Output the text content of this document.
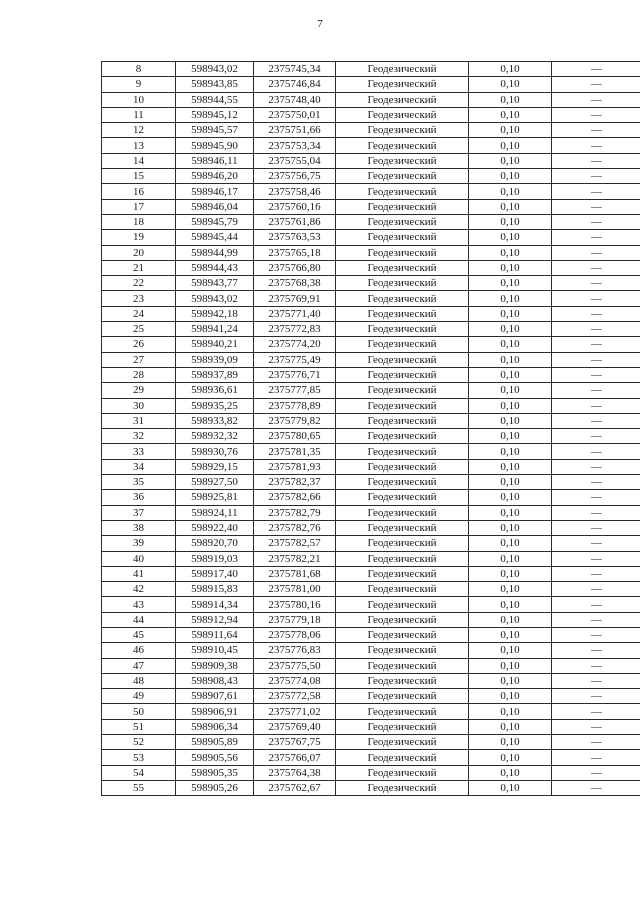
7
8	598943,02	2375745,34	Геодезический	0,10	—
9	598943,85	2375746,84	Геодезический	0,10	—
10	598944,55	2375748,40	Геодезический	0,10	—
11	598945,12	2375750,01	Геодезический	0,10	—
12	598945,57	2375751,66	Геодезический	0,10	—
13	598945,90	2375753,34	Геодезический	0,10	—
14	598946,11	2375755,04	Геодезический	0,10	—
15	598946,20	2375756,75	Геодезический	0,10	—
16	598946,17	2375758,46	Геодезический	0,10	—
17	598946,04	2375760,16	Геодезический	0,10	—
18	598945,79	2375761,86	Геодезический	0,10	—
19	598945,44	2375763,53	Геодезический	0,10	—
20	598944,99	2375765,18	Геодезический	0,10	—
21	598944,43	2375766,80	Геодезический	0,10	—
22	598943,77	2375768,38	Геодезический	0,10	—
23	598943,02	2375769,91	Геодезический	0,10	—
24	598942,18	2375771,40	Геодезический	0,10	—
25	598941,24	2375772,83	Геодезический	0,10	—
26	598940,21	2375774,20	Геодезический	0,10	—
27	598939,09	2375775,49	Геодезический	0,10	—
28	598937,89	2375776,71	Геодезический	0,10	—
29	598936,61	2375777,85	Геодезический	0,10	—
30	598935,25	2375778,89	Геодезический	0,10	—
31	598933,82	2375779,82	Геодезический	0,10	—
32	598932,32	2375780,65	Геодезический	0,10	—
33	598930,76	2375781,35	Геодезический	0,10	—
34	598929,15	2375781,93	Геодезический	0,10	—
35	598927,50	2375782,37	Геодезический	0,10	—
36	598925,81	2375782,66	Геодезический	0,10	—
37	598924,11	2375782,79	Геодезический	0,10	—
38	598922,40	2375782,76	Геодезический	0,10	—
39	598920,70	2375782,57	Геодезический	0,10	—
40	598919,03	2375782,21	Геодезический	0,10	—
41	598917,40	2375781,68	Геодезический	0,10	—
42	598915,83	2375781,00	Геодезический	0,10	—
43	598914,34	2375780,16	Геодезический	0,10	—
44	598912,94	2375779,18	Геодезический	0,10	—
45	598911,64	2375778,06	Геодезический	0,10	—
46	598910,45	2375776,83	Геодезический	0,10	—
47	598909,38	2375775,50	Геодезический	0,10	—
48	598908,43	2375774,08	Геодезический	0,10	—
49	598907,61	2375772,58	Геодезический	0,10	—
50	598906,91	2375771,02	Геодезический	0,10	—
51	598906,34	2375769,40	Геодезический	0,10	—
52	598905,89	2375767,75	Геодезический	0,10	—
53	598905,56	2375766,07	Геодезический	0,10	—
54	598905,35	2375764,38	Геодезический	0,10	—
55	598905,26	2375762,67	Геодезический	0,10	—
